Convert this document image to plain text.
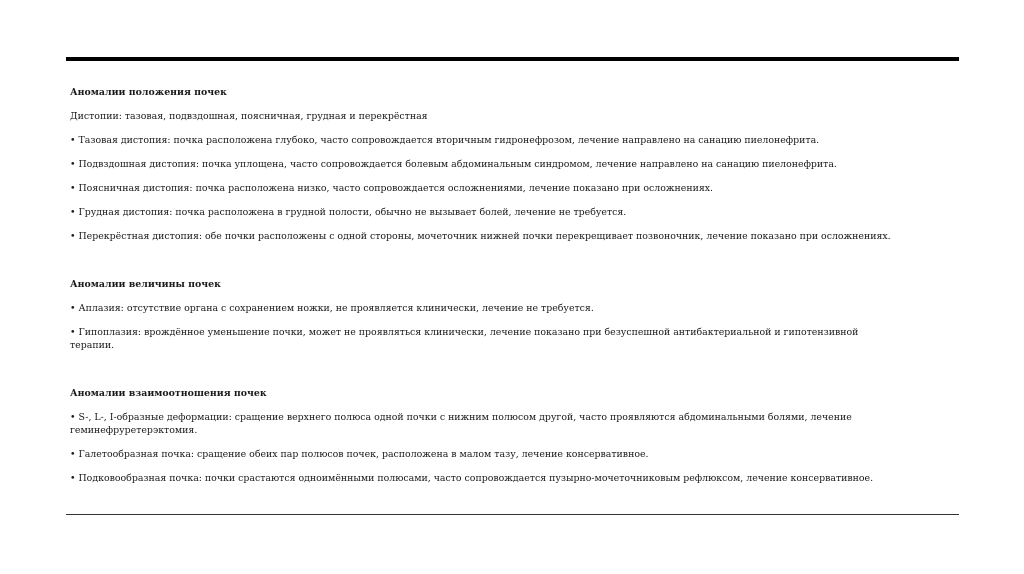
Аномалии положения почек
Дистопии: тазовая, подвздошная, поясничная, грудная и перекрёстная
• Тазовая дистопия: почка расположена глубоко, часто сопровождается вторичным гидронефрозом, лечение направлено на санацию пиелонефрита.
• Подвздошная дистопия: почка уплощена, часто сопровождается болевым абдоминальным синдромом, лечение направлено на санацию пиелонефрита.
• Поясничная дистопия: почка расположена низко, часто сопровождается осложнениями, лечение показано при осложнениях.
• Грудная дистопия: почка расположена в грудной полости, обычно не вызывает болей, лечение не требуется.
• Перекрёстная дистопия: обе почки расположены с одной стороны, мочеточник нижней почки перекрещивает позвоночник, лечение показано при осложнениях.
Аномалии величины почек
• Аплазия: отсутствие органа с сохранением ножки, не проявляется клинически, лечение не требуется.
• Гипоплазия: врождённое уменьшение почки, может не проявляться клинически, лечение показано при безуспешной антибактериальной и гипотензивной терапии.
Аномалии взаимоотношения почек
• S-, L-, I-образные деформации: сращение верхнего полюса одной почки с нижним полюсом другой, часто проявляются абдоминальными болями, лечение геминефруретерэктомия.
• Галетообразная почка: сращение обеих пар полюсов почек, расположена в малом тазу, лечение консервативное.
• Подковообразная почка: почки срастаются одноимёнными полюсами, часто сопровождается пузырно-мочеточниковым рефлюксом, лечение консервативное.
